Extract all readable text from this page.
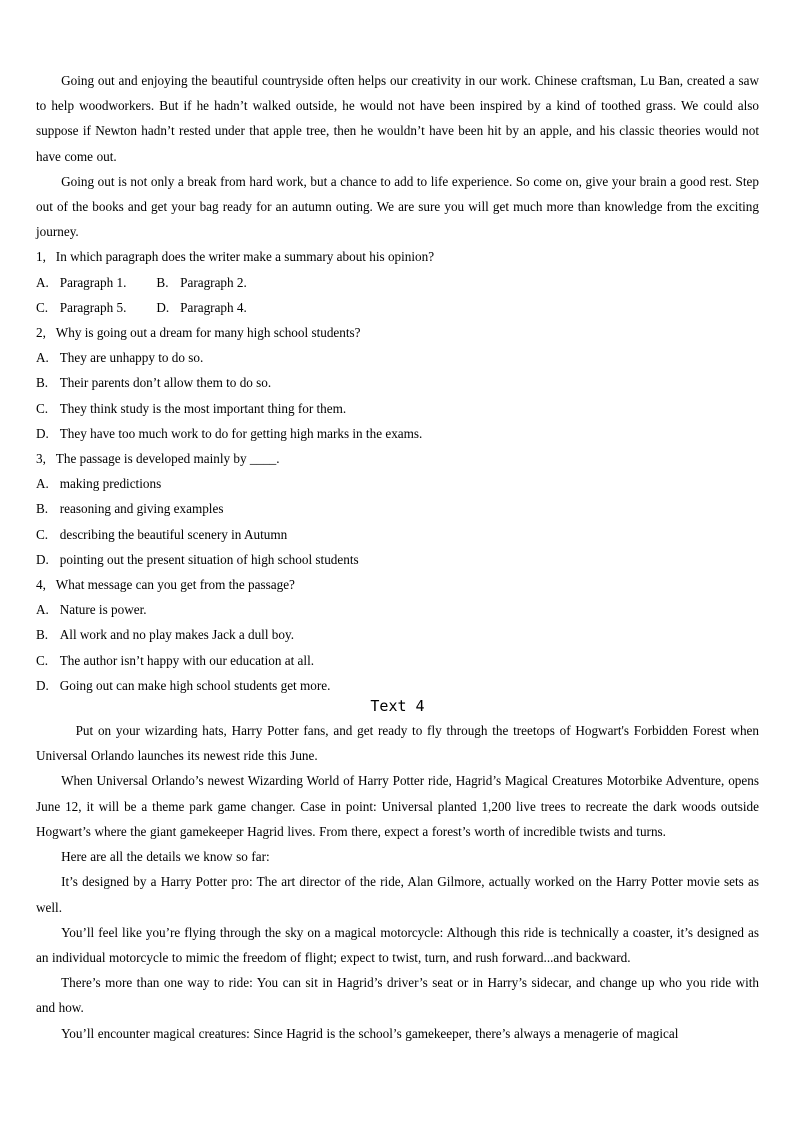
Going out and enjoying the beautiful countryside often helps our creativity in our work. Chinese craftsman, Lu Ban, created a saw to help woodworkers. But if he hadn’t walked outside, he would not have been inspired by a kind of toothed grass. We could also suppose if Newton hadn’t rested under that apple tree, then he wouldn’t have been hit by an apple, and his classic theories would not have come out.

Going out is not only a break from hard work, but a chance to add to life experience. So come on, give your brain a good rest. Step out of the books and get your bag ready for an autumn outing. We are sure you will get much more than knowledge from the exciting journey.

1, In which paragraph does the writer make a summary about his opinion?
A. Paragraph 1. B. Paragraph 2.
C. Paragraph 5. D. Paragraph 4.
2, Why is going out a dream for many high school students?
A. They are unhappy to do so.
B. Their parents don’t allow them to do so.
C. They think study is the most important thing for them.
D. They have too much work to do for getting high marks in the exams.
3, The passage is developed mainly by ____.
A. making predictions
B. reasoning and giving examples
C. describing the beautiful scenery in Autumn
D. pointing out the present situation of high school students
4, What message can you get from the passage?
A. Nature is power.
B. All work and no play makes Jack a dull boy.
C. The author isn’t happy with our education at all.
D. Going out can make high school students get more.
Text 4

Put on your wizarding hats, Harry Potter fans, and get ready to fly through the treetops of Hogwart's Forbidden Forest when Universal Orlando launches its newest ride this June.

When Universal Orlando’s newest Wizarding World of Harry Potter ride, Hagrid’s Magical Creatures Motorbike Adventure, opens June 12, it will be a theme park game changer. Case in point: Universal planted 1,200 live trees to recreate the dark woods outside Hogwart’s where the giant gamekeeper Hagrid lives. From there, expect a forest’s worth of incredible twists and turns.

Here are all the details we know so far:

It’s designed by a Harry Potter pro: The art director of the ride, Alan Gilmore, actually worked on the Harry Potter movie sets as well.

You’ll feel like you’re flying through the sky on a magical motorcycle: Although this ride is technically a coaster, it’s designed as an individual motorcycle to mimic the freedom of flight; expect to twist, turn, and rush forward...and backward.

There’s more than one way to ride: You can sit in Hagrid’s driver’s seat or in Harry’s sidecar, and change up who you ride with and how.

You’ll encounter magical creatures: Since Hagrid is the school’s gamekeeper, there’s always a menagerie of magical
